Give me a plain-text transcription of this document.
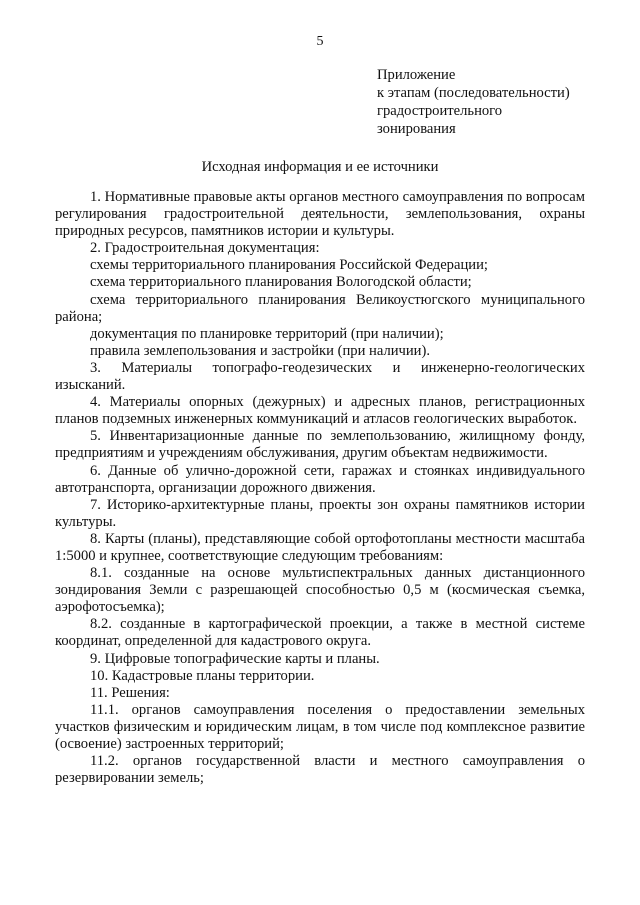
5
Приложение
к этапам (последовательности)
градостроительного
зонирования
Исходная информация и ее источники

1. Нормативные правовые акты органов местного самоуправления по вопросам регулирования градостроительной деятельности, землепользования, охраны природных ресурсов, памятников истории и культуры.

2. Градостроительная документация:

схемы территориального планирования Российской Федерации;

схема территориального планирования Вологодской области;

схема территориального планирования Великоустюгского муниципального района;

документация по планировке территорий (при наличии);

правила землепользования и застройки (при наличии).

3. Материалы топографо-геодезических и инженерно-геологических изысканий.

4. Материалы опорных (дежурных) и адресных планов, регистрационных планов подземных инженерных коммуникаций и атласов геологических выработок.

5. Инвентаризационные данные по землепользованию, жилищному фонду, предприятиям и учреждениям обслуживания, другим объектам недвижимости.

6. Данные об улично-дорожной сети, гаражах и стоянках индивидуального автотранспорта, организации дорожного движения.

7. Историко-архитектурные планы, проекты зон охраны памятников истории культуры.

8. Карты (планы), представляющие собой ортофотопланы местности масштаба 1:5000 и крупнее, соответствующие следующим требованиям:

8.1. созданные на основе мультиспектральных данных дистанционного зондирования Земли с разрешающей способностью 0,5 м (космическая съемка, аэрофотосъемка);

8.2. созданные в картографической проекции, а также в местной системе координат, определенной для кадастрового округа.

9. Цифровые топографические карты и планы.

10. Кадастровые планы территории.

11. Решения:

11.1. органов самоуправления поселения о предоставлении земельных участков физическим и юридическим лицам, в том числе под комплексное развитие (освоение) застроенных территорий;

11.2. органов государственной власти и местного самоуправления о резервировании земель;
